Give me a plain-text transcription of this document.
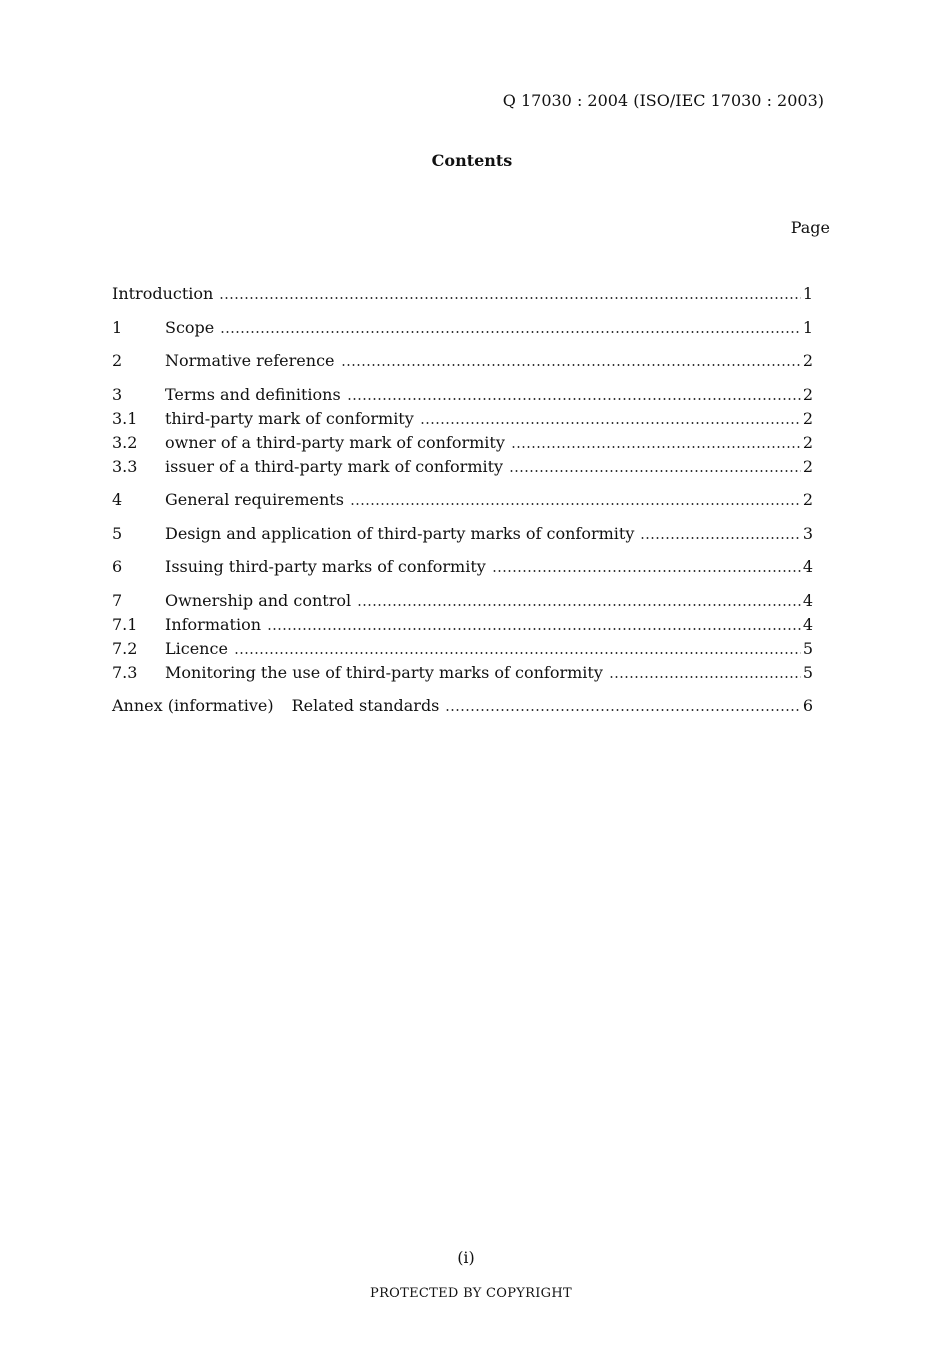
Q 17030 : 2004 (ISO/IEC 17030 : 2003)
Contents
Page
Introduction	1
1	Scope	1
2	Normative reference	2
3	Terms and definitions	2
3.1	third-party mark of conformity	2
3.2	owner of a third-party mark of conformity	2
3.3	issuer of a third-party mark of conformity	2
4	General requirements	2
5	Design and application of third-party marks of conformity	3
6	Issuing third-party marks of conformity	4
7	Ownership and control	4
7.1	Information	4
7.2	Licence	5
7.3	Monitoring the use of third-party marks of conformity	5
Annex (informative)	Related standards	6
(i)
PROTECTED BY COPYRIGHT
